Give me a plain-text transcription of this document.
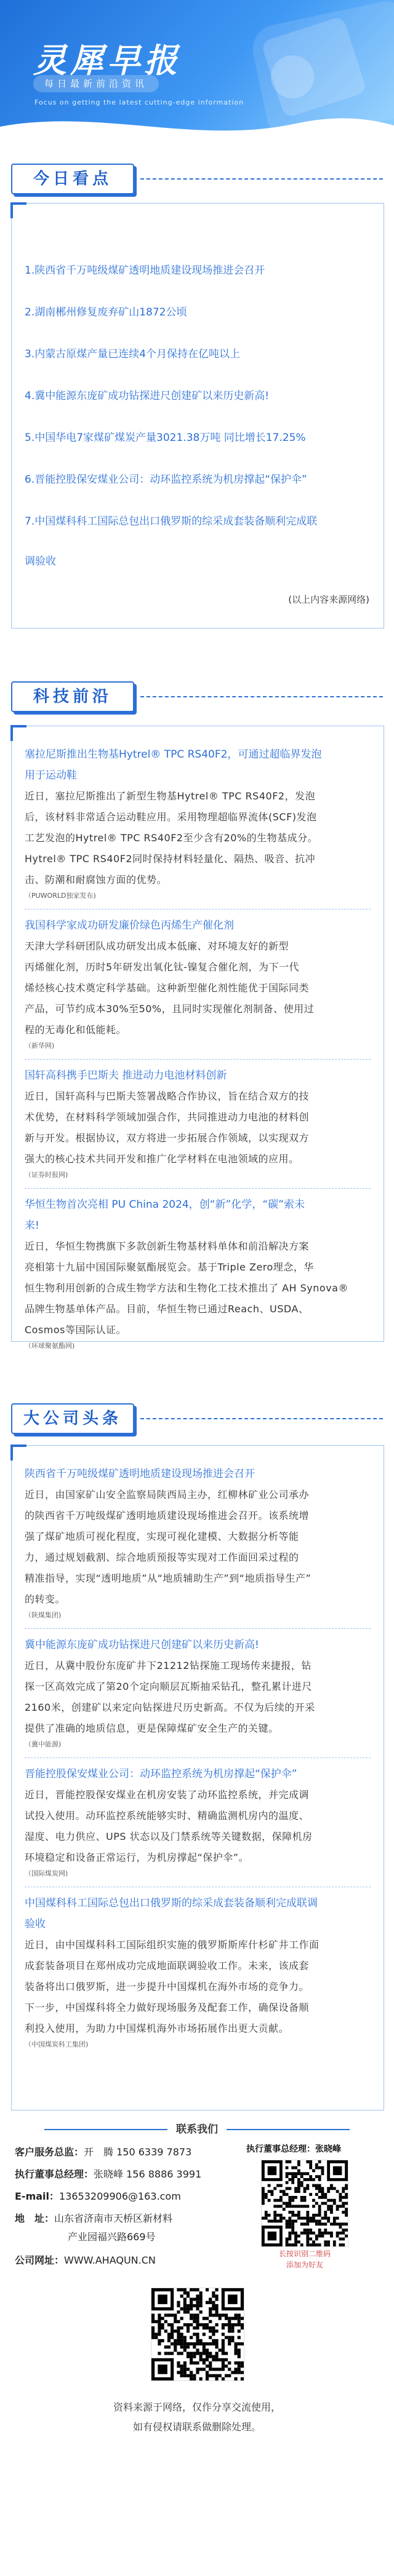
灵犀早报
每日最新前沿资讯
Focus on getting the latest cutting-edge information
今日看点
1.陕西省千万吨级煤矿透明地质建设现场推进会召开
2.湖南郴州修复废弃矿山1872公顷
3.内蒙古原煤产量已连续4个月保持在亿吨以上
4.冀中能源东庞矿成功钻探进尺创建矿以来历史新高!
5.中国华电7家煤矿煤炭产量3021.38万吨 同比增长17.25%
6.晋能控股保安煤业公司：动环监控系统为机房撑起“保护伞”
7.中国煤科科工国际总包出口俄罗斯的综采成套装备顺利完成联
调验收
(以上内容来源网络)
科技前沿
塞拉尼斯推出生物基Hytrel® TPC RS40F2，可通过超临界发泡
用于运动鞋
近日，塞拉尼斯推出了新型生物基Hytrel® TPC RS40F2，发泡
后，该材料非常适合运动鞋应用。采用物理超临界流体(SCF)发泡
工艺发泡的Hytrel® TPC RS40F2至少含有20%的生物基成分。
Hytrel® TPC RS40F2同时保持材料轻量化、隔热、吸音、抗冲
击、防潮和耐腐蚀方面的优势。
（PUWORLD独家发布)
我国科学家成功研发廉价绿色丙烯生产催化剂
天津大学科研团队成功研发出成本低廉、对环境友好的新型
丙烯催化剂，历时5年研发出氧化钛-镍复合催化剂，为下一代
烯烃核心技术奠定科学基础。这种新型催化剂性能优于国际同类
产品，可节约成本30%至50%，且同时实现催化剂制备、使用过
程的无毒化和低能耗。
（新华网)
国轩高科携手巴斯夫 推进动力电池材料创新
近日，国轩高科与巴斯夫签署战略合作协议，旨在结合双方的技
术优势，在材料科学领域加强合作，共同推进动力电池的材料创
新与开发。根据协议，双方将进一步拓展合作领域，以实现双方
强大的核心技术共同开发和推广化学材料在电池领域的应用。
（证券时报网)
华恒生物首次亮相 PU China 2024，创“新”化学，“碳”索未
来!
近日，华恒生物携旗下多款创新生物基材料单体和前沿解决方案
亮相第十九届中国国际聚氨酯展览会。基于Triple Zero理念，华
恒生物利用创新的合成生物学方法和生物化工技术推出了 AH Synova®
品牌生物基单体产品。目前，华恒生物已通过Reach、USDA、
Cosmos等国际认证。
（环球聚氨酯网)
大公司头条
陕西省千万吨级煤矿透明地质建设现场推进会召开
近日，由国家矿山安全监察局陕西局主办，红柳林矿业公司承办
的陕西省千万吨级煤矿透明地质建设现场推进会召开。该系统增
强了煤矿地质可视化程度，实现可视化建模、大数据分析等能
力，通过规划截割、综合地质预报等实现对工作面回采过程的
精准指导，实现“透明地质”从“地质辅助生产”到“地质指导生产”
的转变。
（陕煤集团)
冀中能源东庞矿成功钻探进尺创建矿以来历史新高!
近日，从冀中股份东庞矿井下21212钻探施工现场传来捷报，钻
探一区高效完成了第20个定向顺层瓦斯抽采钻孔，整孔累计进尺
2160米，创建矿以来定向钻探进尺历史新高。不仅为后续的开采
提供了准确的地质信息，更是保障煤矿安全生产的关键。
（冀中能源)
晋能控股保安煤业公司：动环监控系统为机房撑起“保护伞”
近日，晋能控股保安煤业在机房安装了动环监控系统，并完成调
试投入使用。动环监控系统能够实时、精确监测机房内的温度、
湿度、电力供应、UPS 状态以及门禁系统等关键数据，保障机房
环境稳定和设备正常运行，为机房撑起“保护伞”。
（国际煤炭网)
中国煤科科工国际总包出口俄罗斯的综采成套装备顺利完成联调
验收
近日，由中国煤科科工国际组织实施的俄罗斯斯库什杉矿井工作面
成套装备项目在郑州成功完成地面联调验收工作。未来，该成套
装备将出口俄罗斯，进一步提升中国煤机在海外市场的竞争力。
下一步，中国煤科将全力做好现场服务及配套工作，确保设备顺
利投入使用，为助力中国煤机海外市场拓展作出更大贡献。
（中国煤炭科工集团)
联系我们
客户服务总监：开　腾 150 6339 7873
执行董事总经理：张晓峰 156 8886 3991
E-mail：13653209906@163.com
地　址：山东省济南市天桥区新材料
产业园福兴路669号
公司网址：WWW.AHAQUN.CN
执行董事总经理：张晓峰
长按识别二维码
添加为好友
资料来源于网络，仅作分享交流使用，
如有侵权请联系做删除处理。
